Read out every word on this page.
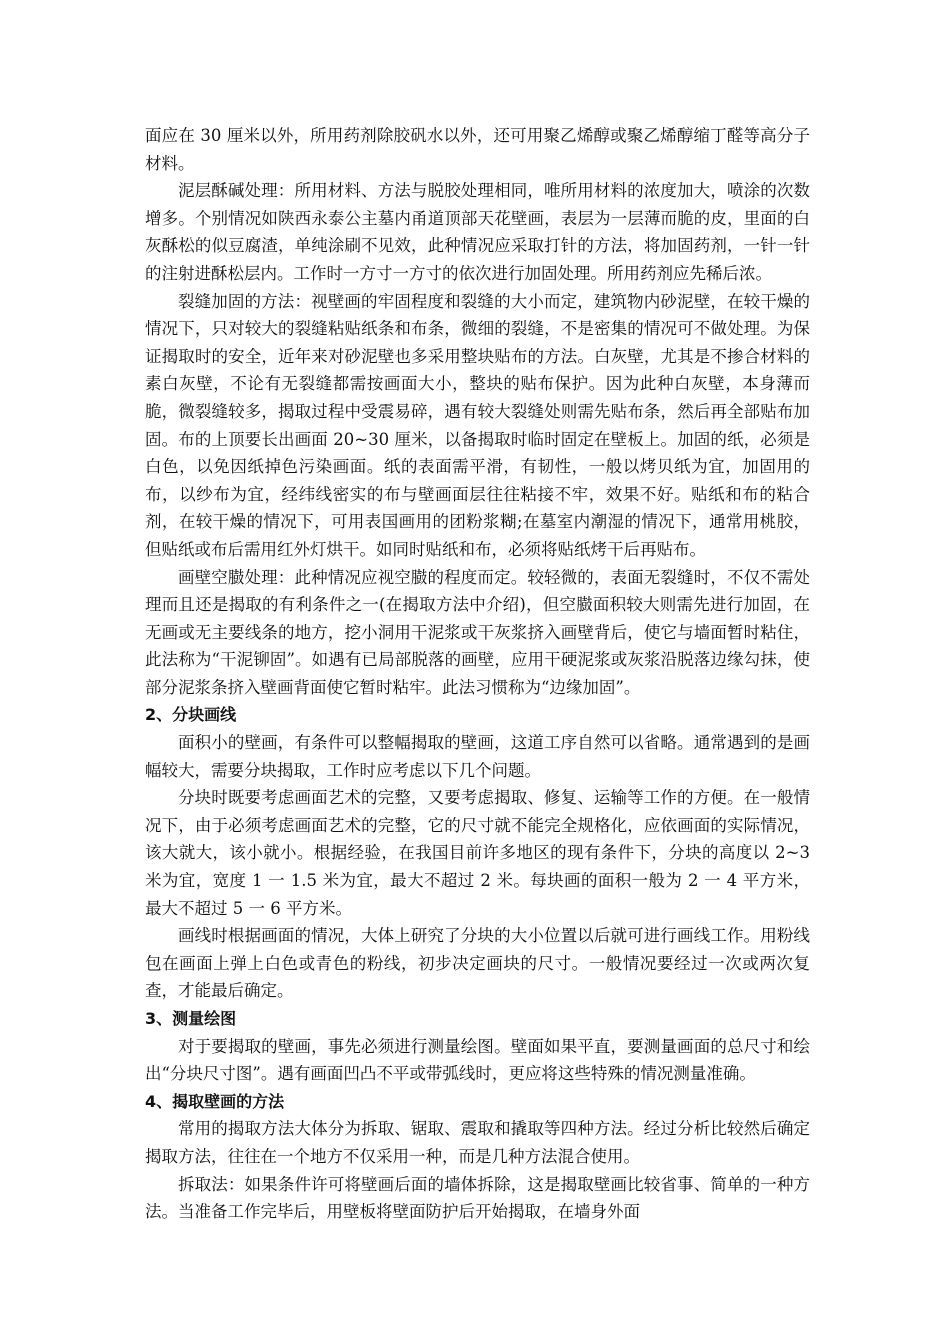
面应在 30 厘米以外，所用药剂除胶矾水以外，还可用聚乙烯醇或聚乙烯醇缩丁醛等高分子材料。

泥层酥碱处理：所用材料、方法与脱胶处理相同，唯所用材料的浓度加大，喷涂的次数增多。个别情况如陕西永泰公主墓内甬道顶部天花壁画，表层为一层薄而脆的皮，里面的白灰酥松的似豆腐渣，单纯涂刷不见效，此种情况应采取打针的方法，将加固药剂，一针一针的注射进酥松层内。工作时一方寸一方寸的依次进行加固处理。所用药剂应先稀后浓。

裂缝加固的方法：视壁画的牢固程度和裂缝的大小而定，建筑物内砂泥壁，在较干燥的情况下，只对较大的裂缝粘贴纸条和布条，微细的裂缝，不是密集的情况可不做处理。为保证揭取时的安全，近年来对砂泥壁也多采用整块贴布的方法。白灰壁，尤其是不掺合材料的素白灰壁，不论有无裂缝都需按画面大小，整块的贴布保护。因为此种白灰壁，本身薄而脆，微裂缝较多，揭取过程中受震易碎，遇有较大裂缝处则需先贴布条，然后再全部贴布加固。布的上顶要长出画面 20~30 厘米，以备揭取时临时固定在壁板上。加固的纸，必须是白色，以免因纸掉色污染画面。纸的表面需平滑，有韧性，一般以烤贝纸为宜，加固用的布，以纱布为宜，经纬线密实的布与壁画面层往往粘接不牢，效果不好。贴纸和布的粘合剂，在较干燥的情况下，可用表国画用的团粉浆糊;在墓室内潮湿的情况下，通常用桃胶，但贴纸或布后需用红外灯烘干。如同时贴纸和布，必须将贴纸烤干后再贴布。

画壁空臌处理：此种情况应视空臌的程度而定。较轻微的，表面无裂缝时，不仅不需处理而且还是揭取的有利条件之一(在揭取方法中介绍)，但空臌面积较大则需先进行加固，在无画或无主要线条的地方，挖小洞用干泥浆或干灰浆挤入画壁背后，使它与墙面暂时粘住，此法称为“干泥铆固”。如遇有已局部脱落的画壁，应用干硬泥浆或灰浆沿脱落边缘勾抹，使部分泥浆条挤入壁画背面使它暂时粘牢。此法习惯称为“边缘加固”。

2、分块画线

面积小的壁画，有条件可以整幅揭取的壁画，这道工序自然可以省略。通常遇到的是画幅较大，需要分块揭取，工作时应考虑以下几个问题。

分块时既要考虑画面艺术的完整，又要考虑揭取、修复、运输等工作的方便。在一般情况下，由于必须考虑画面艺术的完整，它的尺寸就不能完全规格化，应依画面的实际情况，该大就大，该小就小。根据经验，在我国目前许多地区的现有条件下，分块的高度以 2~3 米为宜，宽度 1 一 1.5 米为宜，最大不超过 2 米。每块画的面积一般为 2 一 4 平方米，最大不超过 5 一 6 平方米。

画线时根据画面的情况，大体上研究了分块的大小位置以后就可进行画线工作。用粉线包在画面上弹上白色或青色的粉线，初步决定画块的尺寸。一般情况要经过一次或两次复查，才能最后确定。

3、测量绘图

对于要揭取的壁画，事先必须进行测量绘图。壁面如果平直，要测量画面的总尺寸和绘出“分块尺寸图”。遇有画面凹凸不平或带弧线时，更应将这些特殊的情况测量准确。

4、揭取壁画的方法

常用的揭取方法大体分为拆取、锯取、震取和撬取等四种方法。经过分析比较然后确定揭取方法，往往在一个地方不仅采用一种，而是几种方法混合使用。

拆取法：如果条件许可将壁画后面的墙体拆除，这是揭取壁画比较省事、简单的一种方法。当准备工作完毕后，用壁板将壁面防护后开始揭取，在墙身外面
